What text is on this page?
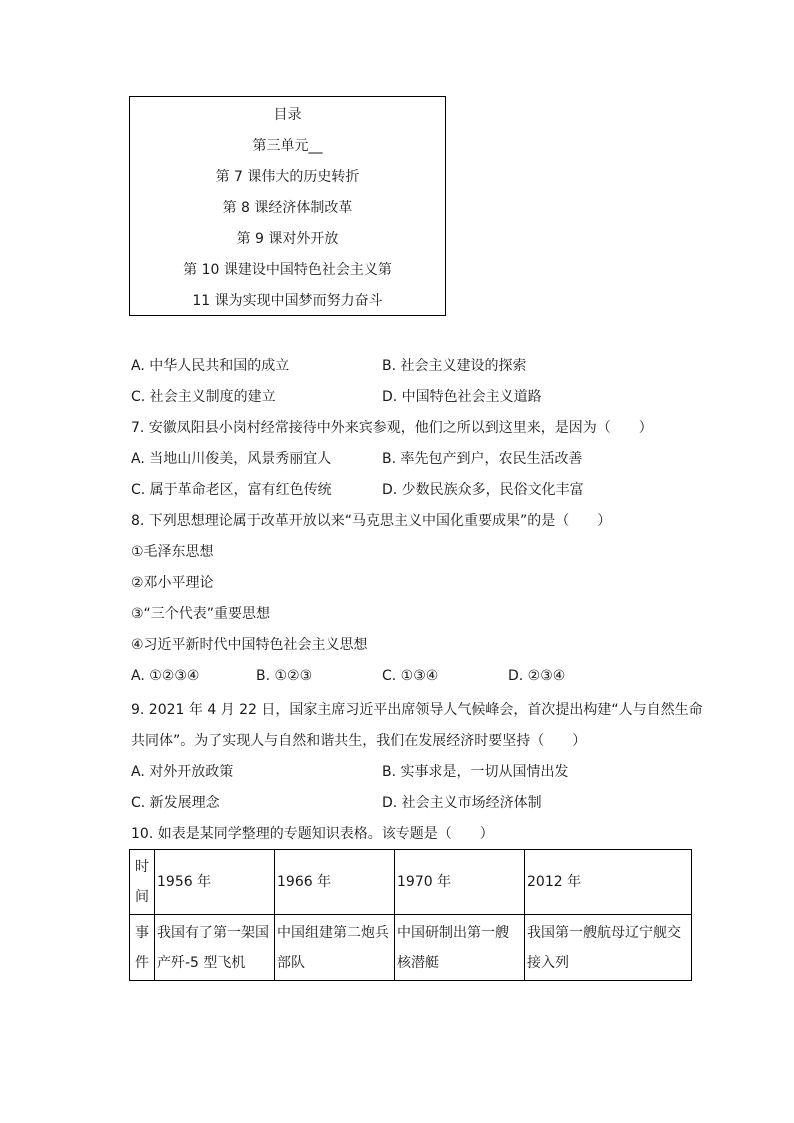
目录
第三单元__
第 7 课伟大的历史转折
第 8 课经济体制改革
第 9 课对外开放
第 10 课建设中国特色社会主义第
11 课为实现中国梦而努力奋斗
A. 中华人民共和国的成立	B. 社会主义建设的探索
C. 社会主义制度的建立	D. 中国特色社会主义道路
7. 安徽凤阳县小岗村经常接待中外来宾参观，他们之所以到这里来，是因为（　　）
A. 当地山川俊美，风景秀丽宜人	B. 率先包产到户，农民生活改善
C. 属于革命老区，富有红色传统	D. 少数民族众多，民俗文化丰富
8. 下列思想理论属于改革开放以来“马克思主义中国化重要成果”的是（　　）
①毛泽东思想
②邓小平理论
③“三个代表”重要思想
④习近平新时代中国特色社会主义思想
A. ①②③④	B. ①②③	C. ①③④	D. ②③④
9. 2021 年 4 月 22 日，国家主席习近平出席领导人气候峰会，首次提出构建“人与自然生命
共同体”。为了实现人与自然和谐共生，我们在发展经济时要坚持（　　）
A. 对外开放政策	B. 实事求是，一切从国情出发
C. 新发展理念	D. 社会主义市场经济体制
10. 如表是某同学整理的专题知识表格。该专题是（　　）
时间	1956 年	1966 年	1970 年	2012 年
事件	我国有了第一架国产歼-5 型飞机	中国组建第二炮兵部队	中国研制出第一艘核潜艇	我国第一艘航母辽宁舰交接入列
